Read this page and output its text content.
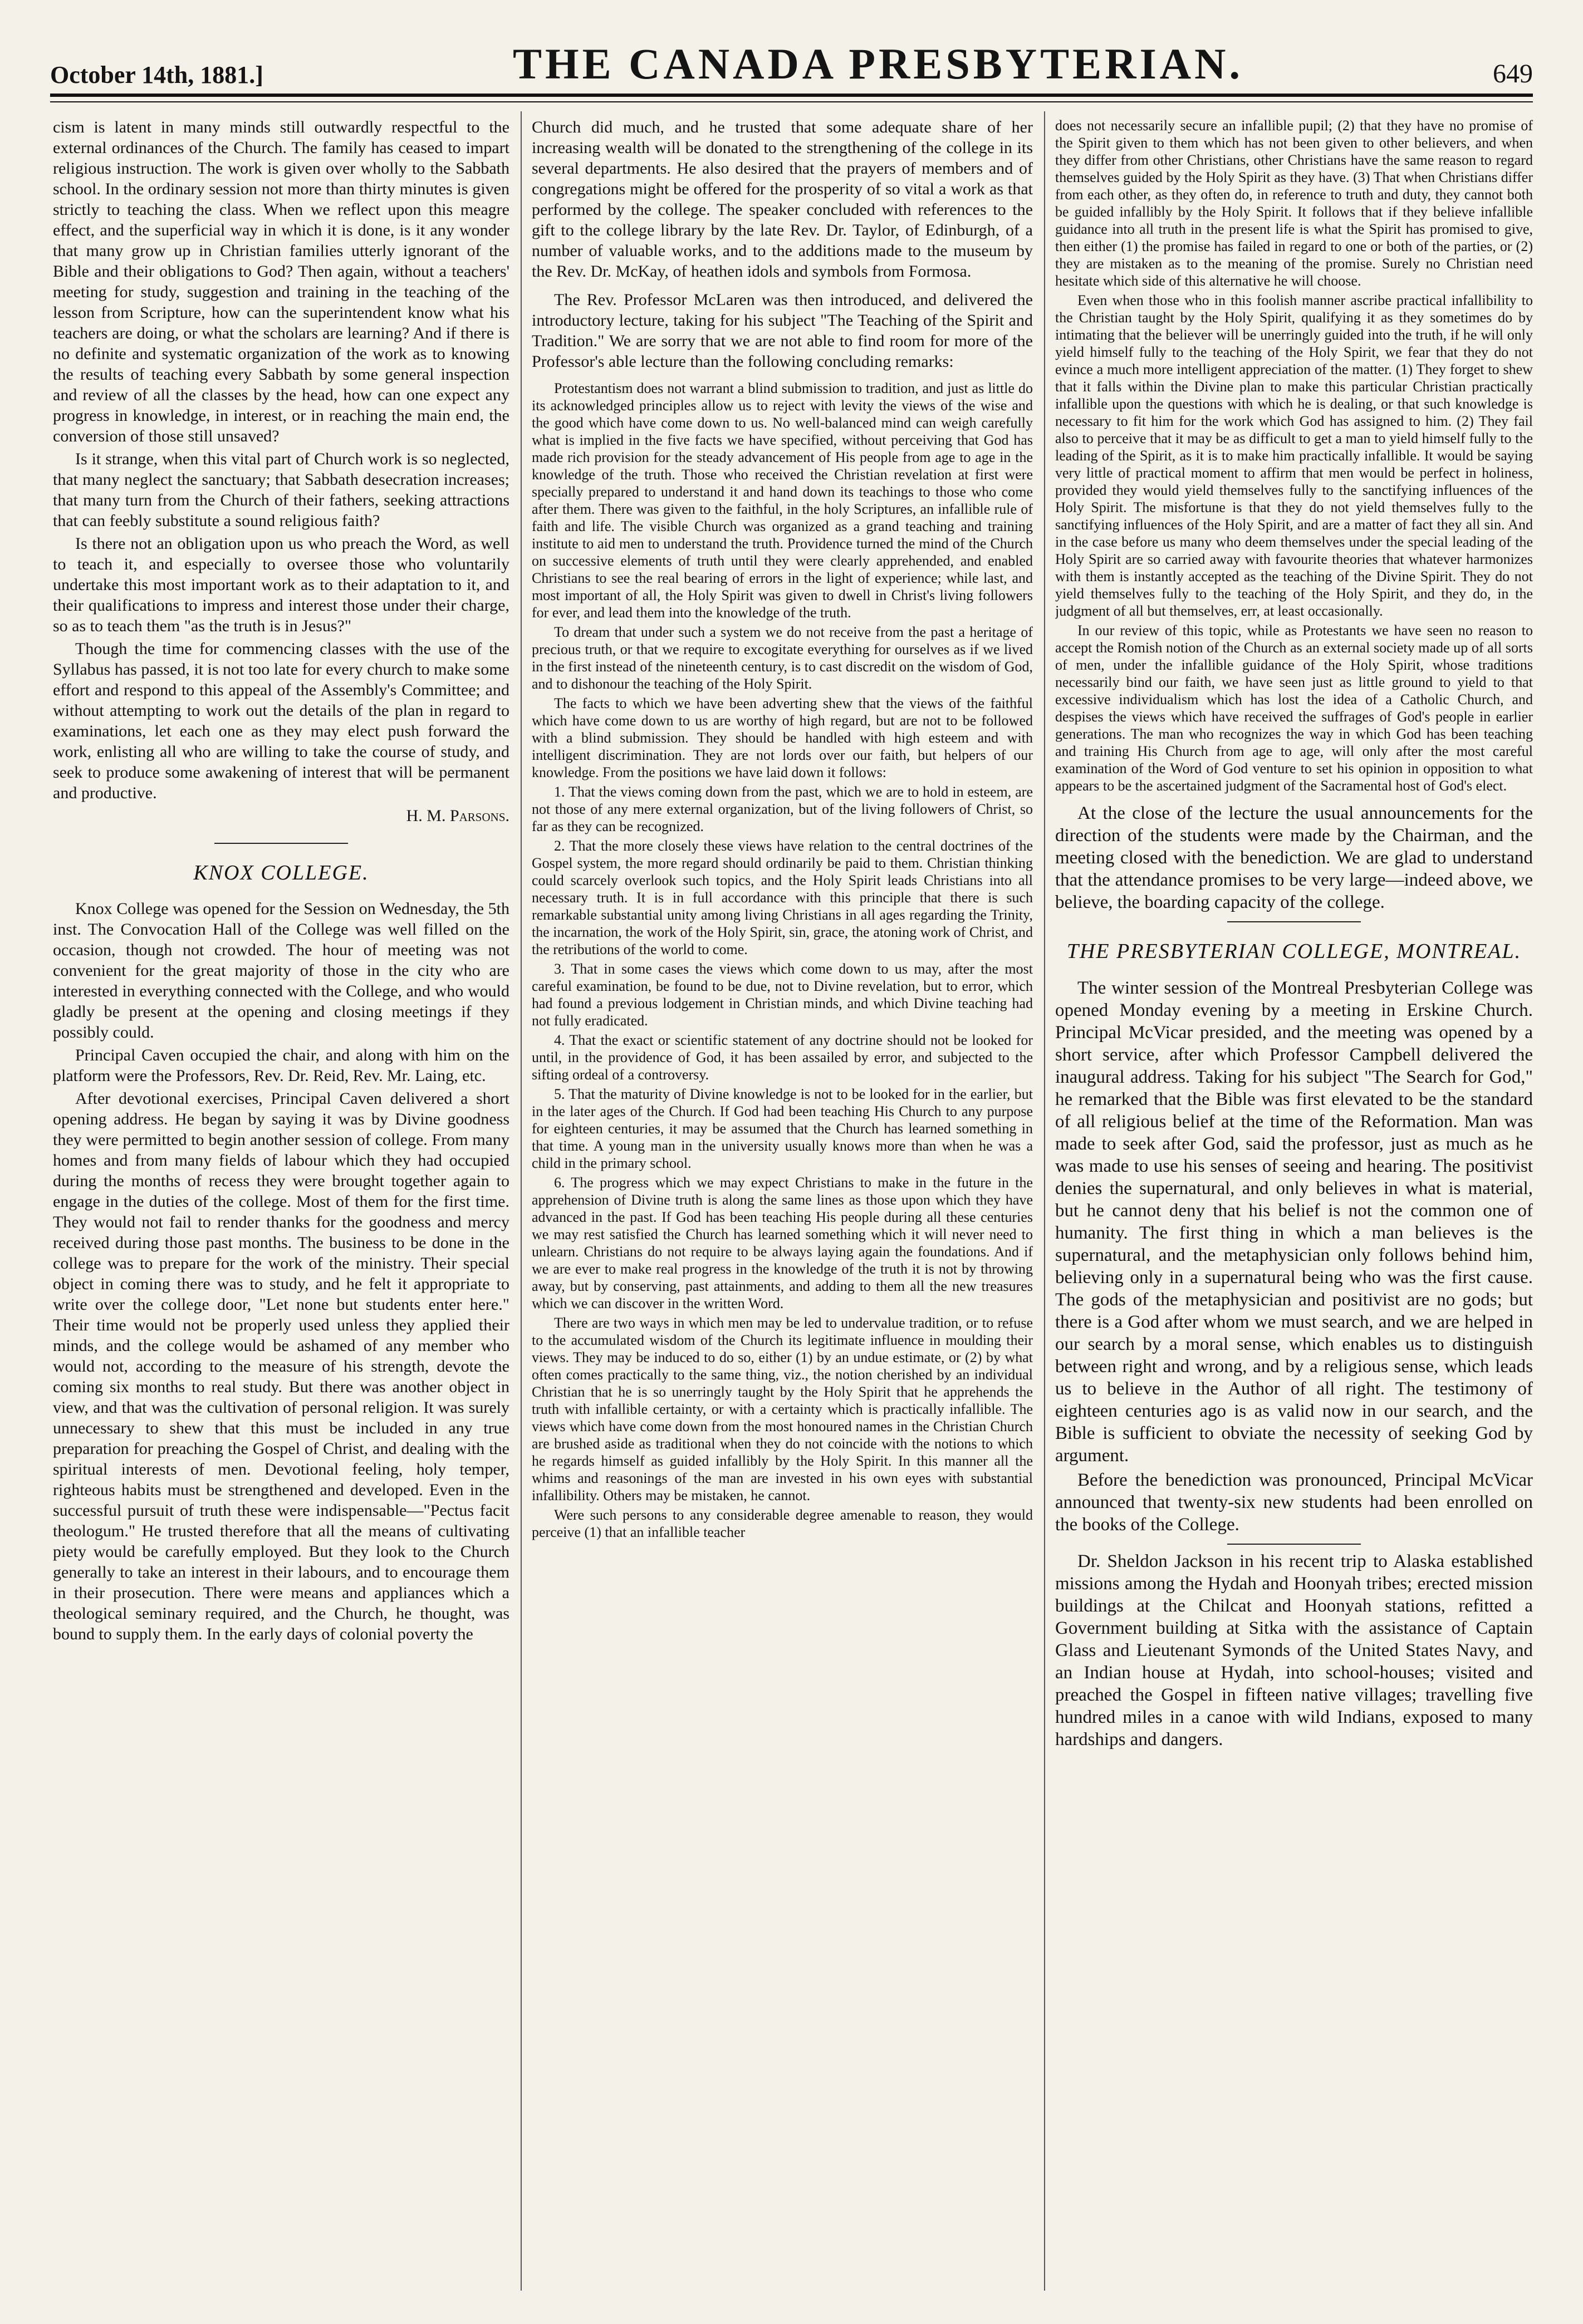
October 14th, 1881.]	THE CANADA PRESBYTERIAN.	649

cism is latent in many minds still outwardly respectful to the external ordinances of the Church. The family has ceased to impart religious instruction. The work is given over wholly to the Sabbath school. In the ordinary session not more than thirty minutes is given strictly to teaching the class. When we reflect upon this meagre effect, and the superficial way in which it is done, is it any wonder that many grow up in Christian families utterly ignorant of the Bible and their obligations to God? Then again, without a teachers' meeting for study, suggestion and training in the teaching of the lesson from Scripture, how can the superintendent know what his teachers are doing, or what the scholars are learning? And if there is no definite and systematic organization of the work as to knowing the results of teaching every Sabbath by some general inspection and review of all the classes by the head, how can one expect any progress in knowledge, in interest, or in reaching the main end, the conversion of those still unsaved?

Is it strange, when this vital part of Church work is so neglected, that many neglect the sanctuary; that Sabbath desecration increases; that many turn from the Church of their fathers, seeking attractions that can feebly substitute a sound religious faith?

Is there not an obligation upon us who preach the Word, as well to teach it, and especially to oversee those who voluntarily undertake this most important work as to their adaptation to it, and their qualifications to impress and interest those under their charge, so as to teach them "as the truth is in Jesus?"

Though the time for commencing classes with the use of the Syllabus has passed, it is not too late for every church to make some effort and respond to this appeal of the Assembly's Committee; and without attempting to work out the details of the plan in regard to examinations, let each one as they may elect push forward the work, enlisting all who are willing to take the course of study, and seek to produce some awakening of interest that will be permanent and productive.

H. M. Parsons.

KNOX COLLEGE.

Knox College was opened for the Session on Wednesday, the 5th inst. The Convocation Hall of the College was well filled on the occasion, though not crowded. The hour of meeting was not convenient for the great majority of those in the city who are interested in everything connected with the College, and who would gladly be present at the opening and closing meetings if they possibly could.

Principal Caven occupied the chair, and along with him on the platform were the Professors, Rev. Dr. Reid, Rev. Mr. Laing, etc.

After devotional exercises, Principal Caven delivered a short opening address. He began by saying it was by Divine goodness they were permitted to begin another session of college. From many homes and from many fields of labour which they had occupied during the months of recess they were brought together again to engage in the duties of the college. Most of them for the first time. They would not fail to render thanks for the goodness and mercy received during those past months. The business to be done in the college was to prepare for the work of the ministry. Their special object in coming there was to study, and he felt it appropriate to write over the college door, "Let none but students enter here." Their time would not be properly used unless they applied their minds, and the college would be ashamed of any member who would not, according to the measure of his strength, devote the coming six months to real study. But there was another object in view, and that was the cultivation of personal religion. It was surely unnecessary to shew that this must be included in any true preparation for preaching the Gospel of Christ, and dealing with the spiritual interests of men. Devotional feeling, holy temper, righteous habits must be strengthened and developed. Even in the successful pursuit of truth these were indispensable—"Pectus facit theologum." He trusted therefore that all the means of cultivating piety would be carefully employed. But they look to the Church generally to take an interest in their labours, and to encourage them in their prosecution. There were means and appliances which a theological seminary required, and the Church, he thought, was bound to supply them. In the early days of colonial poverty the

Church did much, and he trusted that some adequate share of her increasing wealth will be donated to the strengthening of the college in its several departments. He also desired that the prayers of members and of congregations might be offered for the prosperity of so vital a work as that performed by the college. The speaker concluded with references to the gift to the college library by the late Rev. Dr. Taylor, of Edinburgh, of a number of valuable works, and to the additions made to the museum by the Rev. Dr. McKay, of heathen idols and symbols from Formosa.

The Rev. Professor McLaren was then introduced, and delivered the introductory lecture, taking for his subject "The Teaching of the Spirit and Tradition." We are sorry that we are not able to find room for more of the Professor's able lecture than the following concluding remarks:

Protestantism does not warrant a blind submission to tradition, and just as little do its acknowledged principles allow us to reject with levity the views of the wise and the good which have come down to us. No well-balanced mind can weigh carefully what is implied in the five facts we have specified, without perceiving that God has made rich provision for the steady advancement of His people from age to age in the knowledge of the truth. Those who received the Christian revelation at first were specially prepared to understand it and hand down its teachings to those who come after them. There was given to the faithful, in the holy Scriptures, an infallible rule of faith and life. The visible Church was organized as a grand teaching and training institute to aid men to understand the truth. Providence turned the mind of the Church on successive elements of truth until they were clearly apprehended, and enabled Christians to see the real bearing of errors in the light of experience; while last, and most important of all, the Holy Spirit was given to dwell in Christ's living followers for ever, and lead them into the knowledge of the truth.

To dream that under such a system we do not receive from the past a heritage of precious truth, or that we require to excogitate everything for ourselves as if we lived in the first instead of the nineteenth century, is to cast discredit on the wisdom of God, and to dishonour the teaching of the Holy Spirit.

The facts to which we have been adverting shew that the views of the faithful which have come down to us are worthy of high regard, but are not to be followed with a blind submission. They should be handled with high esteem and with intelligent discrimination. They are not lords over our faith, but helpers of our knowledge. From the positions we have laid down it follows:

1. That the views coming down from the past, which we are to hold in esteem, are not those of any mere external organization, but of the living followers of Christ, so far as they can be recognized.

2. That the more closely these views have relation to the central doctrines of the Gospel system, the more regard should ordinarily be paid to them. Christian thinking could scarcely overlook such topics, and the Holy Spirit leads Christians into all necessary truth. It is in full accordance with this principle that there is such remarkable substantial unity among living Christians in all ages regarding the Trinity, the incarnation, the work of the Holy Spirit, sin, grace, the atoning work of Christ, and the retributions of the world to come.

3. That in some cases the views which come down to us may, after the most careful examination, be found to be due, not to Divine revelation, but to error, which had found a previous lodgement in Christian minds, and which Divine teaching had not fully eradicated.

4. That the exact or scientific statement of any doctrine should not be looked for until, in the providence of God, it has been assailed by error, and subjected to the sifting ordeal of a controversy.

5. That the maturity of Divine knowledge is not to be looked for in the earlier, but in the later ages of the Church. If God had been teaching His Church to any purpose for eighteen centuries, it may be assumed that the Church has learned something in that time. A young man in the university usually knows more than when he was a child in the primary school.

6. The progress which we may expect Christians to make in the future in the apprehension of Divine truth is along the same lines as those upon which they have advanced in the past. If God has been teaching His people during all these centuries we may rest satisfied the Church has learned something which it will never need to unlearn. Christians do not require to be always laying again the foundations. And if we are ever to make real progress in the knowledge of the truth it is not by throwing away, but by conserving, past attainments, and adding to them all the new treasures which we can discover in the written Word.

There are two ways in which men may be led to undervalue tradition, or to refuse to the accumulated wisdom of the Church its legitimate influence in moulding their views. They may be induced to do so, either (1) by an undue estimate, or (2) by what often comes practically to the same thing, viz., the notion cherished by an individual Christian that he is so unerringly taught by the Holy Spirit that he apprehends the truth with infallible certainty, or with a certainty which is practically infallible. The views which have come down from the most honoured names in the Christian Church are brushed aside as traditional when they do not coincide with the notions to which he regards himself as guided infallibly by the Holy Spirit. In this manner all the whims and reasonings of the man are invested in his own eyes with substantial infallibility. Others may be mistaken, he cannot.

Were such persons to any considerable degree amenable to reason, they would perceive (1) that an infallible teacher

does not necessarily secure an infallible pupil; (2) that they have no promise of the Spirit given to them which has not been given to other believers, and when they differ from other Christians, other Christians have the same reason to regard themselves guided by the Holy Spirit as they have. (3) That when Christians differ from each other, as they often do, in reference to truth and duty, they cannot both be guided infallibly by the Holy Spirit. It follows that if they believe infallible guidance into all truth in the present life is what the Spirit has promised to give, then either (1) the promise has failed in regard to one or both of the parties, or (2) they are mistaken as to the meaning of the promise. Surely no Christian need hesitate which side of this alternative he will choose.

Even when those who in this foolish manner ascribe practical infallibility to the Christian taught by the Holy Spirit, qualifying it as they sometimes do by intimating that the believer will be unerringly guided into the truth, if he will only yield himself fully to the teaching of the Holy Spirit, we fear that they do not evince a much more intelligent appreciation of the matter. (1) They forget to shew that it falls within the Divine plan to make this particular Christian practically infallible upon the questions with which he is dealing, or that such knowledge is necessary to fit him for the work which God has assigned to him. (2) They fail also to perceive that it may be as difficult to get a man to yield himself fully to the leading of the Spirit, as it is to make him practically infallible. It would be saying very little of practical moment to affirm that men would be perfect in holiness, provided they would yield themselves fully to the sanctifying influences of the Holy Spirit. The misfortune is that they do not yield themselves fully to the sanctifying influences of the Holy Spirit, and are a matter of fact they all sin. And in the case before us many who deem themselves under the special leading of the Holy Spirit are so carried away with favourite theories that whatever harmonizes with them is instantly accepted as the teaching of the Divine Spirit. They do not yield themselves fully to the teaching of the Holy Spirit, and they do, in the judgment of all but themselves, err, at least occasionally.

In our review of this topic, while as Protestants we have seen no reason to accept the Romish notion of the Church as an external society made up of all sorts of men, under the infallible guidance of the Holy Spirit, whose traditions necessarily bind our faith, we have seen just as little ground to yield to that excessive individualism which has lost the idea of a Catholic Church, and despises the views which have received the suffrages of God's people in earlier generations. The man who recognizes the way in which God has been teaching and training His Church from age to age, will only after the most careful examination of the Word of God venture to set his opinion in opposition to what appears to be the ascertained judgment of the Sacramental host of God's elect.

At the close of the lecture the usual announcements for the direction of the students were made by the Chairman, and the meeting closed with the benediction. We are glad to understand that the attendance promises to be very large—indeed above, we believe, the boarding capacity of the college.

THE PRESBYTERIAN COLLEGE, MONTREAL.

The winter session of the Montreal Presbyterian College was opened Monday evening by a meeting in Erskine Church. Principal McVicar presided, and the meeting was opened by a short service, after which Professor Campbell delivered the inaugural address. Taking for his subject "The Search for God," he remarked that the Bible was first elevated to be the standard of all religious belief at the time of the Reformation. Man was made to seek after God, said the professor, just as much as he was made to use his senses of seeing and hearing. The positivist denies the supernatural, and only believes in what is material, but he cannot deny that his belief is not the common one of humanity. The first thing in which a man believes is the supernatural, and the metaphysician only follows behind him, believing only in a supernatural being who was the first cause. The gods of the metaphysician and positivist are no gods; but there is a God after whom we must search, and we are helped in our search by a moral sense, which enables us to distinguish between right and wrong, and by a religious sense, which leads us to believe in the Author of all right. The testimony of eighteen centuries ago is as valid now in our search, and the Bible is sufficient to obviate the necessity of seeking God by argument.

Before the benediction was pronounced, Principal McVicar announced that twenty-six new students had been enrolled on the books of the College.

Dr. Sheldon Jackson in his recent trip to Alaska established missions among the Hydah and Hoonyah tribes; erected mission buildings at the Chilcat and Hoonyah stations, refitted a Government building at Sitka with the assistance of Captain Glass and Lieutenant Symonds of the United States Navy, and an Indian house at Hydah, into school-houses; visited and preached the Gospel in fifteen native villages; travelling five hundred miles in a canoe with wild Indians, exposed to many hardships and dangers.
